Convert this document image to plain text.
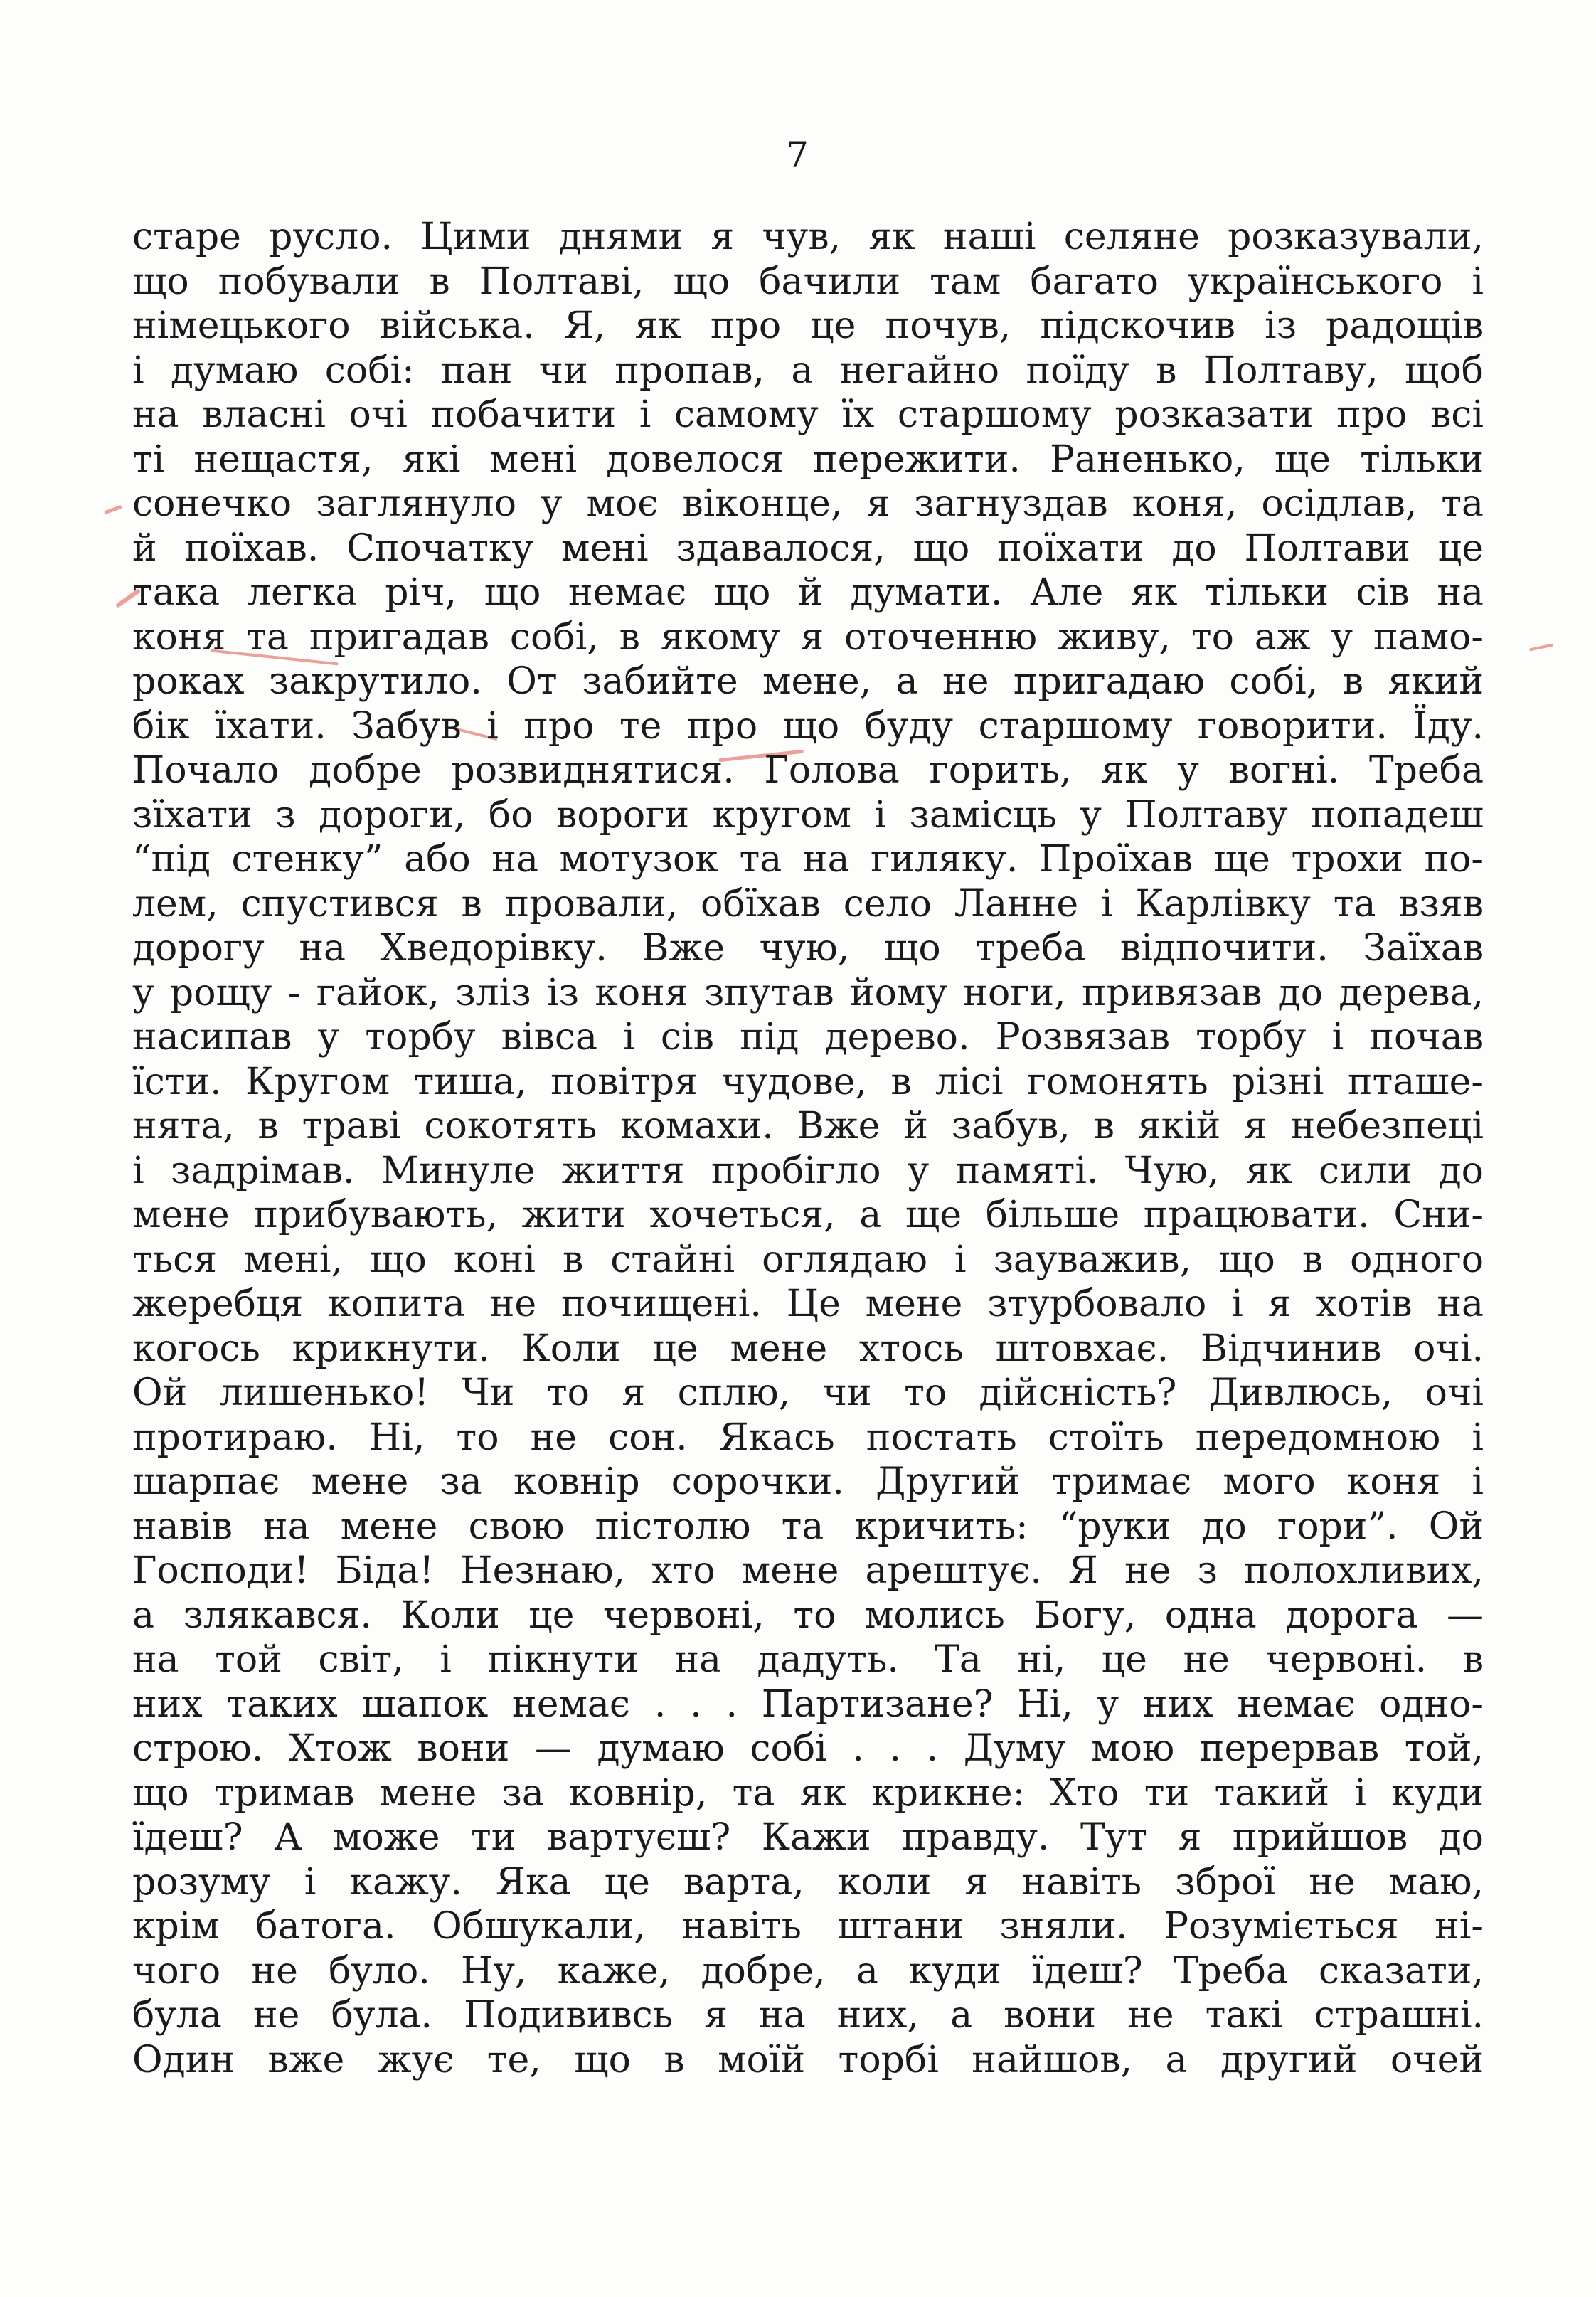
7
старе русло. Цими днями я чув, як наші селяне розказували,
що побували в Полтаві, що бачили там багато українського і
німецького війська. Я, як про це почув, підскочив із радощів
і думаю собі: пан чи пропав, а негайно поїду в Полтаву, щоб
на власні очі побачити і самому їх старшому розказати про всі
ті нещастя, які мені довелося пережити. Раненько, ще тільки
сонечко заглянуло у моє віконце, я загнуздав коня, осідлав, та
й поїхав. Спочатку мені здавалося, що поїхати до Полтави це
така легка річ, що немає що й думати. Але як тільки сів на
коня та пригадав собі, в якому я оточенню живу, то аж у памо-
роках закрутило. От забийте мене, а не пригадаю собі, в який
бік їхати. Забув і про те про що буду старшому говорити. Їду.
Почало добре розвиднятися. Голова горить, як у вогні. Треба
зїхати з дороги, бо вороги кругом і замісць у Полтаву попадеш
“під стенку” або на мотузок та на гиляку. Проїхав ще трохи по-
лем, спустився в провали, обїхав село Ланне і Карлівку та взяв
дорогу на Хведорівку. Вже чую, що треба відпочити. Заїхав
у рощу - гайок, зліз із коня зпутав йому ноги, привязав до дерева,
насипав у торбу вівса і сів під дерево. Розвязав торбу і почав
їсти. Кругом тиша, повітря чудове, в лісі гомонять різні пташе-
нята, в траві сокотять комахи. Вже й забув, в якій я небезпеці
і задрімав. Минуле життя пробігло у памяті. Чую, як сили до
мене прибувають, жити хочеться, а ще більше працювати. Сни-
ться мені, що коні в стайні оглядаю і зауважив, що в одного
жеребця копита не почищені. Це мене зтурбовало і я хотів на
когось крикнути. Коли це мене хтось штовхає. Відчинив очі.
Ой лишенько! Чи то я сплю, чи то дійсність? Дивлюсь, очі
протираю. Ні, то не сон. Якась постать стоїть передомною і
шарпає мене за ковнір сорочки. Другий тримає мого коня і
навів на мене свою пістолю та кричить: “руки до гори”. Ой
Господи! Біда! Незнаю, хто мене арештує. Я не з полохливих,
а злякався. Коли це червоні, то молись Богу, одна дорога —
на той світ, і пікнути на дадуть. Та ні, це не червоні. в
них таких шапок немає . . . Партизане? Ні, у них немає одно-
строю. Хтож вони — думаю собі . . . Думу мою перервав той,
що тримав мене за ковнір, та як крикне: Хто ти такий і куди
їдеш? А може ти вартуєш? Кажи правду. Тут я прийшов до
розуму і кажу. Яка це варта, коли я навіть зброї не маю,
крім батога. Обшукали, навіть штани зняли. Розуміється ні-
чого не було. Ну, каже, добре, а куди їдеш? Треба сказати,
була не була. Подививсь я на них, а вони не такі страшні.
Один вже жує те, що в моїй торбі найшов, а другий очей
